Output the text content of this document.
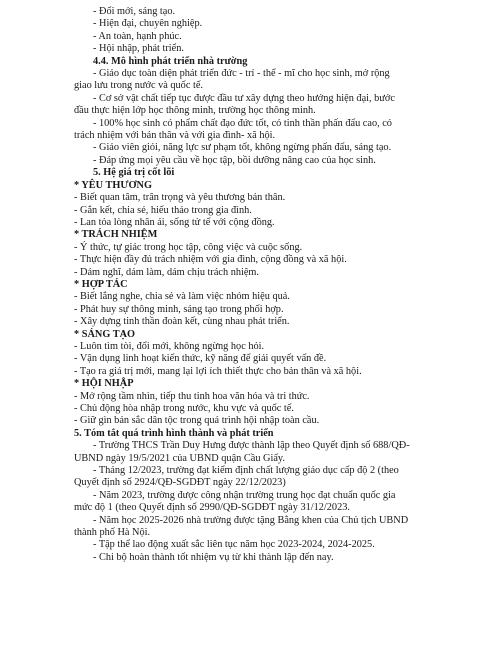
- Đổi mới, sáng tạo.
- Hiện đại, chuyên nghiệp.
- An toàn, hạnh phúc.
- Hội nhập, phát triển.
4.4. Mô hình phát triển nhà trường
- Giáo dục toàn diện phát triển đức - trí - thể - mĩ cho học sinh, mở rộng
giao lưu trong nước và quốc tế.
- Cơ sở vật chất tiếp tục được đầu tư xây dựng theo hướng hiện đại, bước
đầu thực hiện lớp học thông minh, trường học thông minh.
- 100% học sinh có phẩm chất đạo đức tốt, có tinh thần phấn đấu cao, có
trách nhiệm với bản thân và với gia đình- xã hội.
- Giáo viên giỏi, năng lực sư phạm tốt, không ngừng phấn đấu, sáng tạo.
- Đáp ứng mọi yêu cầu về học tập, bồi dưỡng nâng cao của học sinh.
5. Hệ giá trị cốt lõi
* YÊU THƯƠNG
- Biết quan tâm, trân trọng và yêu thương bản thân.
- Gắn kết, chia sẻ, hiếu thảo trong gia đình.
- Lan tỏa lòng nhân ái, sống tử tế với cộng đồng.
* TRÁCH NHIỆM
- Ý thức, tự giác trong học tập, công việc và cuộc sống.
- Thực hiện đầy đủ trách nhiệm với gia đình, cộng đồng và xã hội.
- Dám nghĩ, dám làm, dám chịu trách nhiệm.
* HỢP TÁC
- Biết lắng nghe, chia sẻ và làm việc nhóm hiệu quả.
- Phát huy sự thông minh, sáng tạo trong phối hợp.
- Xây dựng tinh thần đoàn kết, cùng nhau phát triển.
* SÁNG TẠO
- Luôn tìm tòi, đổi mới, không ngừng học hỏi.
- Vận dụng linh hoạt kiến thức, kỹ năng để giải quyết vấn đề.
- Tạo ra giá trị mới, mang lại lợi ích thiết thực cho bản thân và xã hội.
* HỘI NHẬP
- Mở rộng tầm nhìn, tiếp thu tinh hoa văn hóa và tri thức.
- Chủ động hòa nhập trong nước, khu vực và quốc tế.
- Giữ gìn bản sắc dân tộc trong quá trình hội nhập toàn cầu.
5. Tóm tắt quá trình hình thành và phát triển
- Trường THCS Trần Duy Hưng được thành lập theo Quyết định số 688/QĐ-
UBND ngày 19/5/2021 của UBND quận Cầu Giấy.
- Tháng 12/2023, trường đạt kiểm định chất lượng giáo dục cấp độ 2 (theo
Quyết định số 2924/QĐ-SGDĐT ngày 22/12/2023)
- Năm 2023, trường được công nhận trường trung học đạt chuẩn quốc gia
mức độ 1 (theo Quyết định số 2990/QĐ-SGDĐT ngày 31/12/2023.
- Năm học 2025-2026 nhà trường được tặng Bằng khen của Chủ tịch UBND
thành phố Hà Nội.
- Tập thể lao động xuất sắc liên tục năm học 2023-2024, 2024-2025.
- Chi bộ hoàn thành tốt nhiệm vụ từ khi thành lập đến nay.
